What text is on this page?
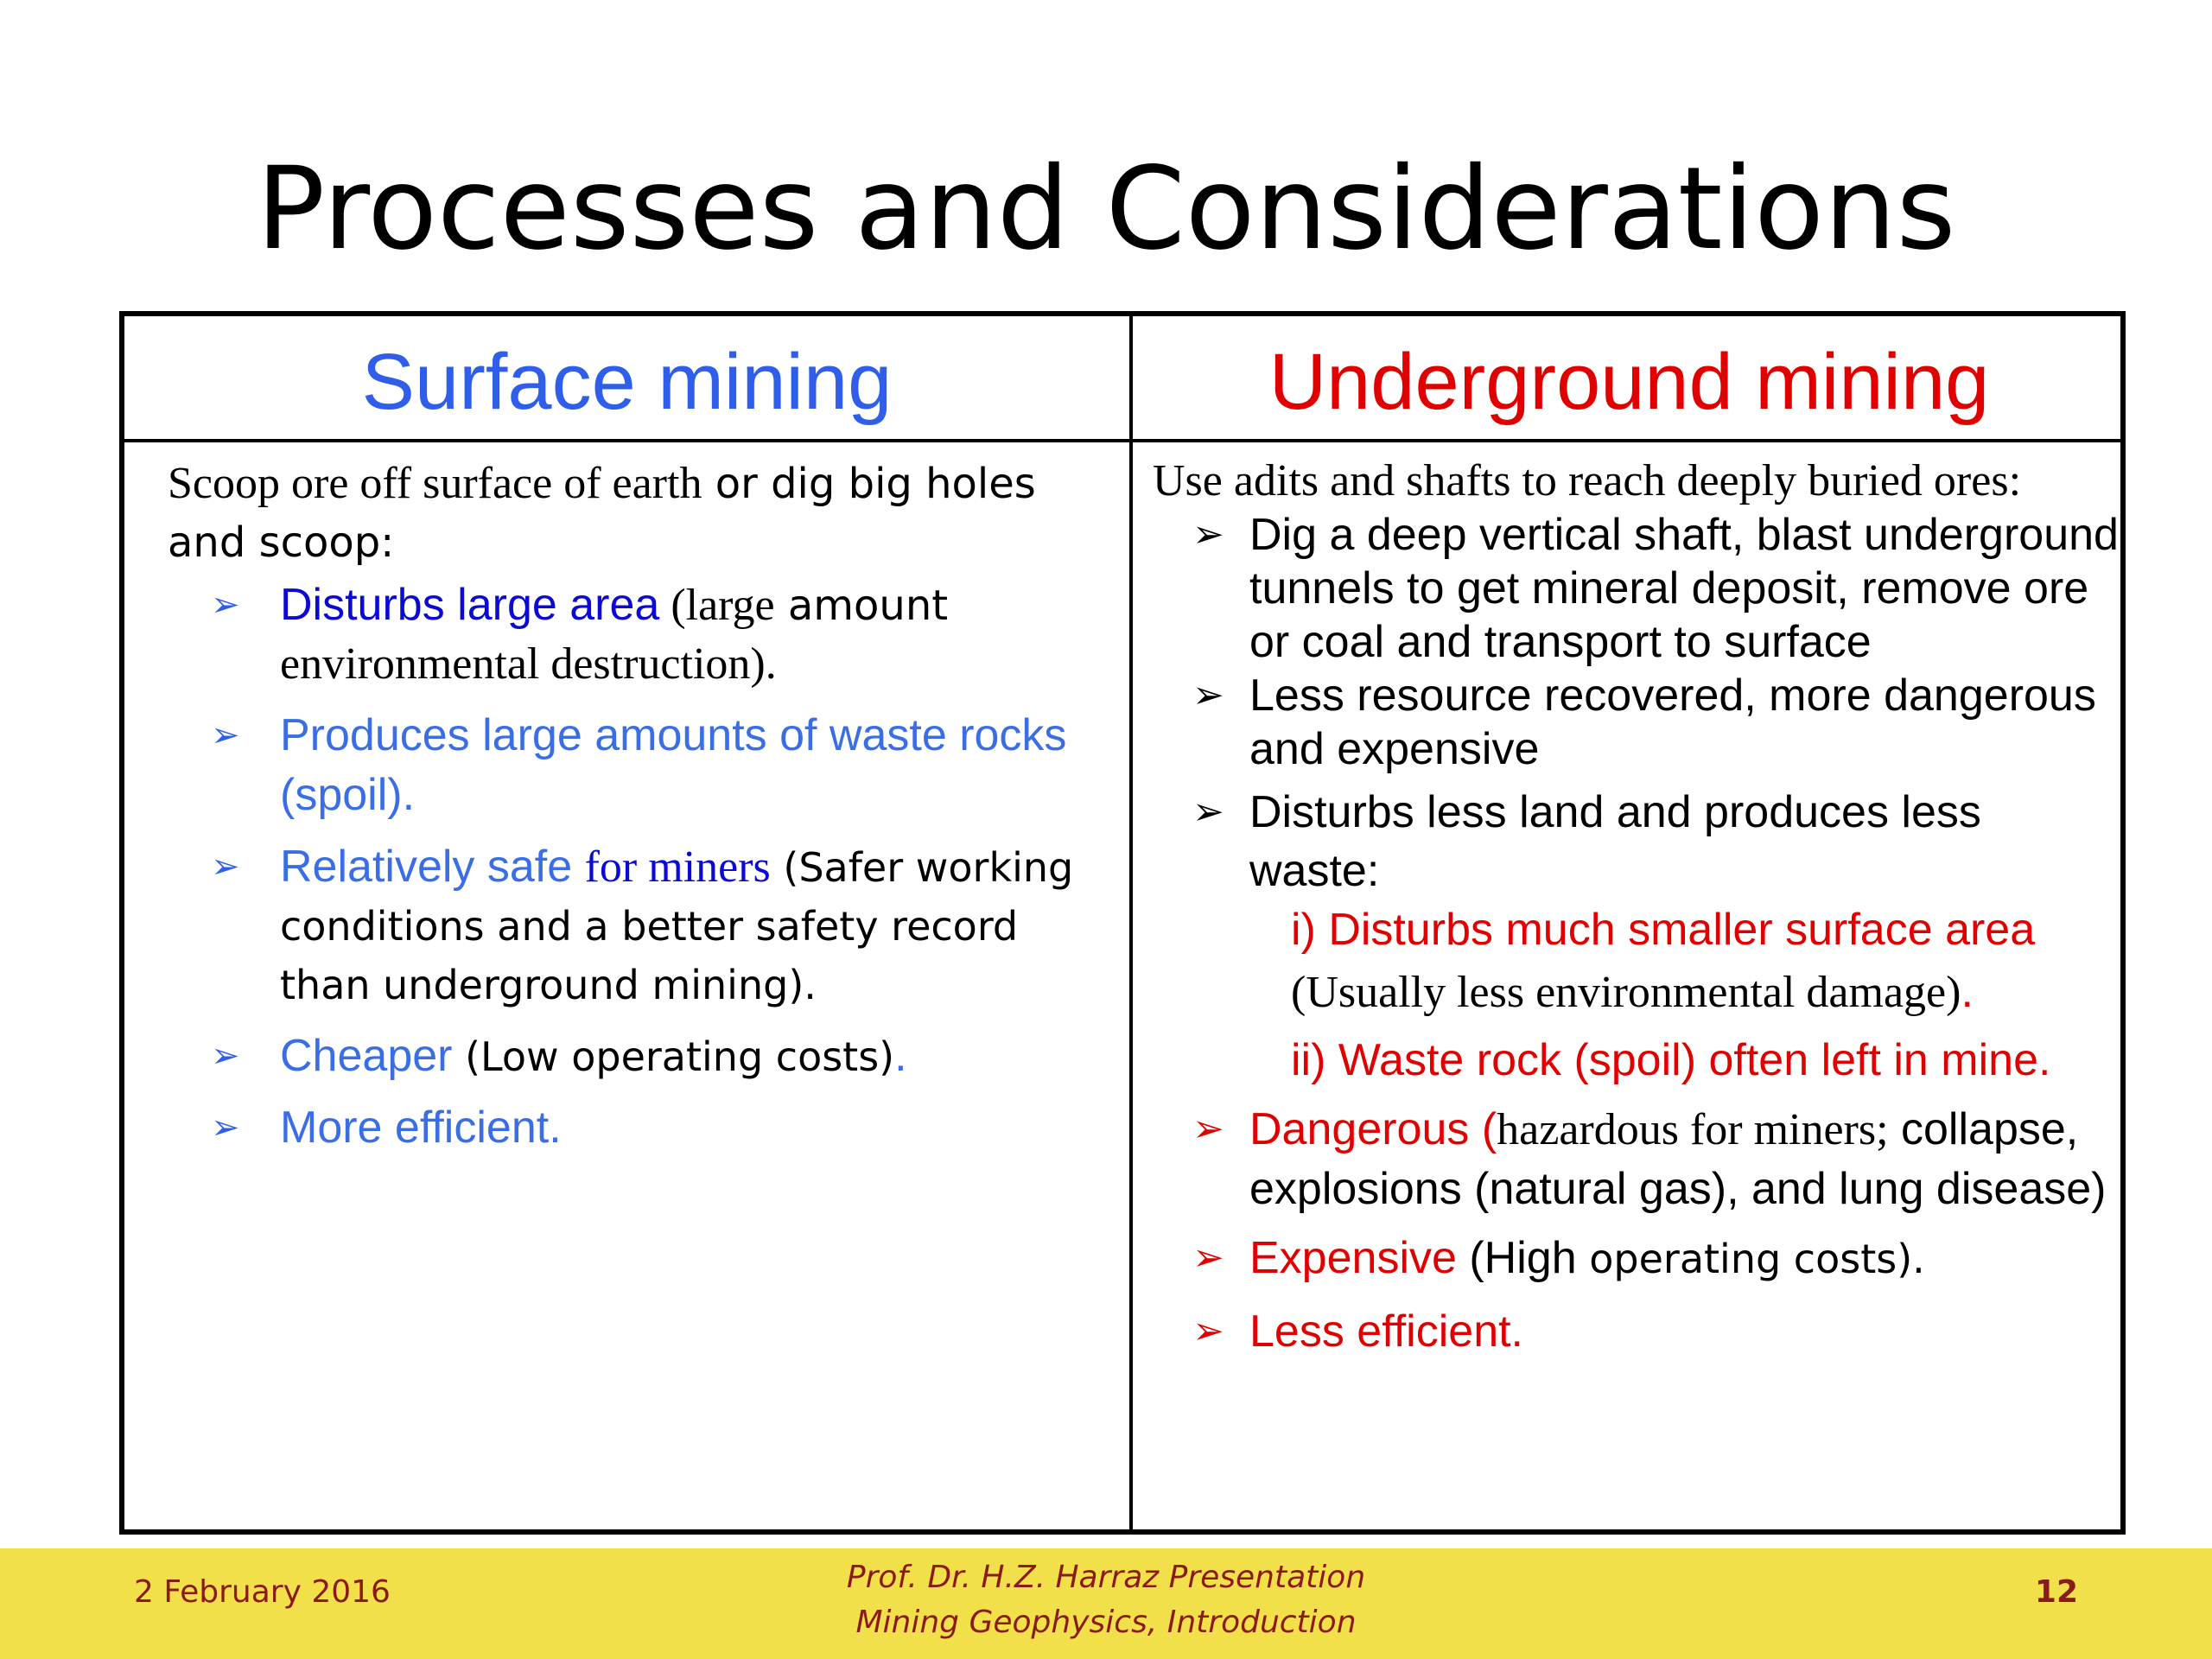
Processes and Considerations
Surface mining	Underground mining
Scoop ore off surface of earth or dig big holes and scoop:
➢ Disturbs large area (large amount environmental destruction).
➢ Produces large amounts of waste rocks (spoil).
➢ Relatively safe for miners (Safer working conditions and a better safety record than underground mining).
➢ Cheaper (Low operating costs).
➢ More efficient.
Use adits and shafts to reach deeply buried ores:
➢ Dig a deep vertical shaft, blast underground tunnels to get mineral deposit, remove ore or coal and transport to surface
➢ Less resource recovered, more dangerous and expensive
➢ Disturbs less land and produces less waste:
i) Disturbs much smaller surface area
(Usually less environmental damage).
ii) Waste rock (spoil) often left in mine.
➢ Dangerous (hazardous for miners; collapse, explosions (natural gas), and lung disease)
➢ Expensive (High operating costs).
➢ Less efficient.
2 February 2016	Prof. Dr. H.Z. Harraz Presentation
Mining Geophysics, Introduction
12
